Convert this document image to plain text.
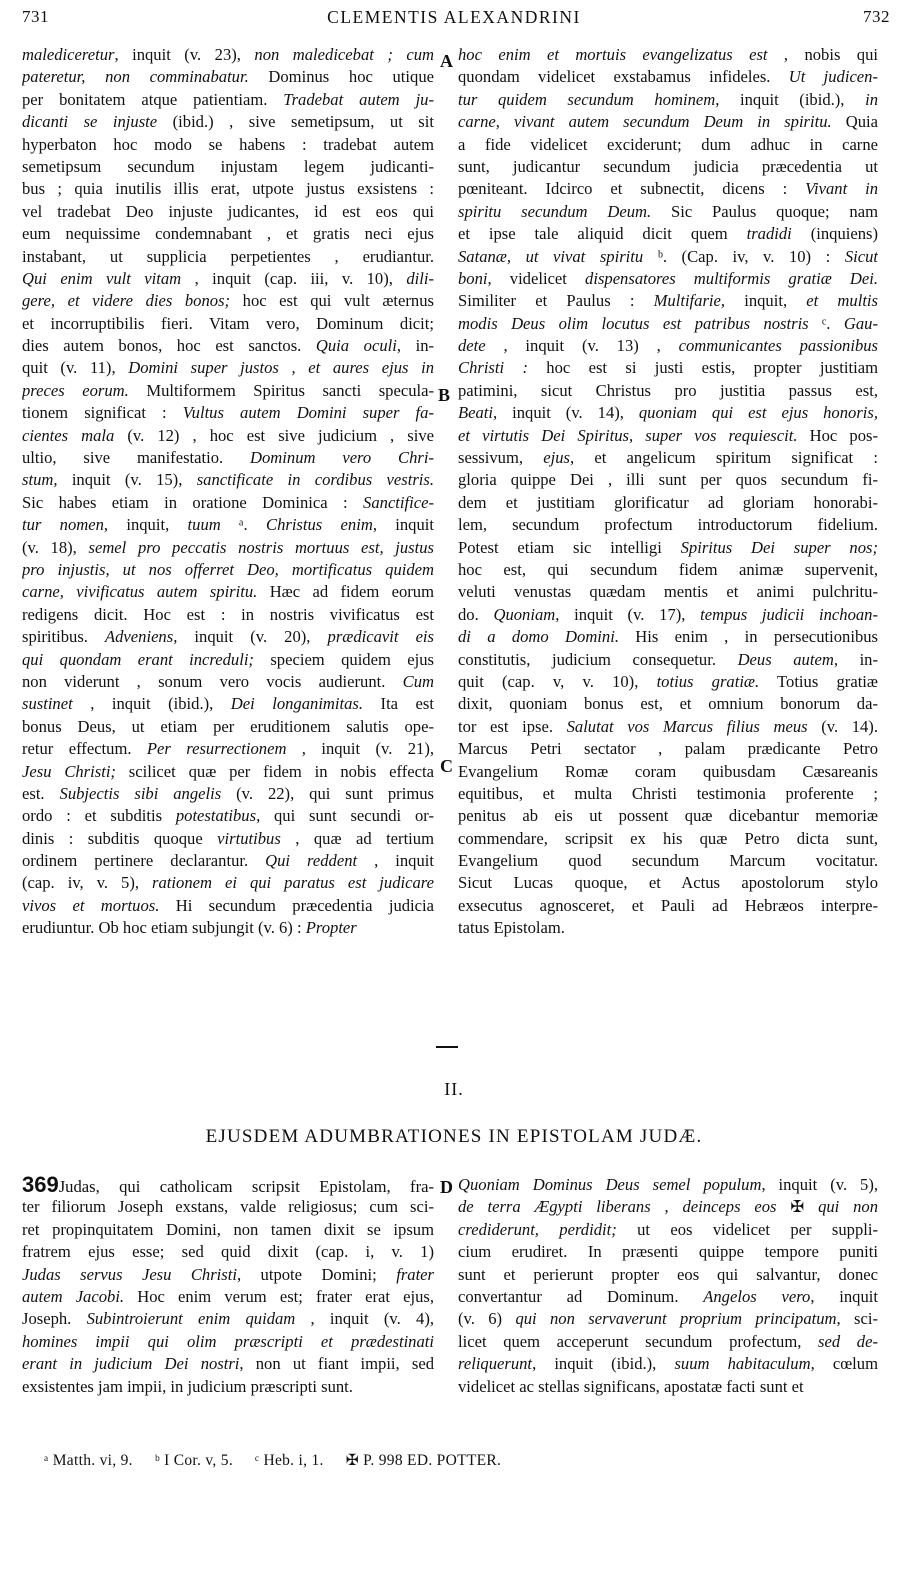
731	CLEMENTIS ALEXANDRINI	732
malediceretur, inquit (v. 23), non maledicebat ; cum
pateretur, non comminabatur. Dominus hoc utique
per bonitatem atque patientiam. Tradebat autem ju-
dicanti se injuste (ibid.) , sive semetipsum, ut sit
hyperbaton hoc modo se habens : tradebat autem
semetipsum secundum injustam legem judicanti-
bus ; quia inutilis illis erat, utpote justus exsistens :
vel tradebat Deo injuste judicantes, id est eos qui
eum nequissime condemnabant , et gratis neci ejus
instabant, ut supplicia perpetientes , erudiantur.
Qui enim vult vitam , inquit (cap. iii, v. 10), dili-
gere, et videre dies bonos; hoc est qui vult æternus
et incorruptibilis fieri. Vitam vero, Dominum dicit;
dies autem bonos, hoc est sanctos. Quia oculi, in-
quit (v. 11), Domini super justos , et aures ejus in
preces eorum. Multiformem Spiritus sancti specula-
tionem significat : Vultus autem Domini super fa-
cientes mala (v. 12) , hoc est sive judicium , sive
ultio, sive manifestatio. Dominum vero Chri-
stum, inquit (v. 15), sanctificate in cordibus vestris.
Sic habes etiam in oratione Dominica : Sanctifice-
tur nomen, inquit, tuum ᵃ. Christus enim, inquit
(v. 18), semel pro peccatis nostris mortuus est, justus
pro injustis, ut nos offerret Deo, mortificatus quidem
carne, vivificatus autem spiritu. Hæc ad fidem eorum
redigens dicit. Hoc est : in nostris vivificatus est
spiritibus. Adveniens, inquit (v. 20), prædicavit eis
qui quondam erant increduli; speciem quidem ejus
non viderunt , sonum vero vocis audierunt. Cum
sustinet , inquit (ibid.), Dei longanimitas. Ita est
bonus Deus, ut etiam per eruditionem salutis ope-
retur effectum. Per resurrectionem , inquit (v. 21),
Jesu Christi; scilicet quæ per fidem in nobis effecta
est. Subjectis sibi angelis (v. 22), qui sunt primus
ordo : et subditis potestatibus, qui sunt secundi or-
dinis : subditis quoque virtutibus , quæ ad tertium
ordinem pertinere declarantur. Qui reddent , inquit
(cap. iv, v. 5), rationem ei qui paratus est judicare
vivos et mortuos. Hi secundum præcedentia judicia
erudiuntur. Ob hoc etiam subjungit (v. 6) : Propter
hoc enim et mortuis evangelizatus est , nobis qui
quondam videlicet exstabamus infideles. Ut judicen-
tur quidem secundum hominem, inquit (ibid.), in
carne, vivant autem secundum Deum in spiritu. Quia
a fide videlicet exciderunt; dum adhuc in carne
sunt, judicantur secundum judicia præcedentia ut
pœniteant. Idcirco et subnectit, dicens : Vivant in
spiritu secundum Deum. Sic Paulus quoque; nam
et ipse tale aliquid dicit quem tradidi (inquiens)
Satanæ, ut vivat spiritu ᵇ. (Cap. iv, v. 10) : Sicut
boni, videlicet dispensatores multiformis gratiæ Dei.
Similiter et Paulus : Multifarie, inquit, et multis
modis Deus olim locutus est patribus nostris ᶜ. Gau-
dete , inquit (v. 13) , communicantes passionibus
Christi : hoc est si justi estis, propter justitiam
patimini, sicut Christus pro justitia passus est,
Beati, inquit (v. 14), quoniam qui est ejus honoris,
et virtutis Dei Spiritus, super vos requiescit. Hoc pos-
sessivum, ejus, et angelicum spiritum significat :
gloria quippe Dei , illi sunt per quos secundum fi-
dem et justitiam glorificatur ad gloriam honorabi-
lem, secundum profectum introductorum fidelium.
Potest etiam sic intelligi Spiritus Dei super nos;
hoc est, qui secundum fidem animæ supervenit,
veluti venustas quædam mentis et animi pulchritu-
do. Quoniam, inquit (v. 17), tempus judicii inchoan-
di a domo Domini. His enim , in persecutionibus
constitutis, judicium consequetur. Deus autem, in-
quit (cap. v, v. 10), totius gratiæ. Totius gratiæ
dixit, quoniam bonus est, et omnium bonorum da-
tor est ipse. Salutat vos Marcus filius meus (v. 14).
Marcus Petri sectator , palam prædicante Petro
Evangelium Romæ coram quibusdam Cæsareanis
equitibus, et multa Christi testimonia proferente ;
penitus ab eis ut possent quæ dicebantur memoriæ
commendare, scripsit ex his quæ Petro dicta sunt,
Evangelium quod secundum Marcum vocitatur.
Sicut Lucas quoque, et Actus apostolorum stylo
exsecutus agnosceret, et Pauli ad Hebræos interpre-
tatus Epistolam.
A
B
C
D
II.
EJUSDEM ADUMBRATIONES IN EPISTOLAM JUDÆ.
369Judas, qui catholicam scripsit Epistolam, fra-
ter filiorum Joseph exstans, valde religiosus; cum sci-
ret propinquitatem Domini, non tamen dixit se ipsum
fratrem ejus esse; sed quid dixit (cap. i, v. 1)
Judas servus Jesu Christi, utpote Domini; frater
autem Jacobi. Hoc enim verum est; frater erat ejus,
Joseph. Subintroierunt enim quidam , inquit (v. 4),
homines impii qui olim præscripti et prædestinati
erant in judicium Dei nostri, non ut fiant impii, sed
exsistentes jam impii, in judicium præscripti sunt.
Quoniam Dominus Deus semel populum, inquit (v. 5),
de terra Ægypti liberans , deinceps eos ✠ qui non
crediderunt, perdidit; ut eos videlicet per suppli-
cium erudiret. In præsenti quippe tempore puniti
sunt et perierunt propter eos qui salvantur, donec
convertantur ad Dominum. Angelos vero, inquit
(v. 6) qui non servaverunt proprium principatum, sci-
licet quem acceperunt secundum profectum, sed de-
reliquerunt, inquit (ibid.), suum habitaculum, cœlum
videlicet ac stellas significans, apostatæ facti sunt et
ᵃ Matth. vi, 9. ᵇ I Cor. v, 5. ᶜ Heb. i, 1. ✠ P. 998 ED. POTTER.
